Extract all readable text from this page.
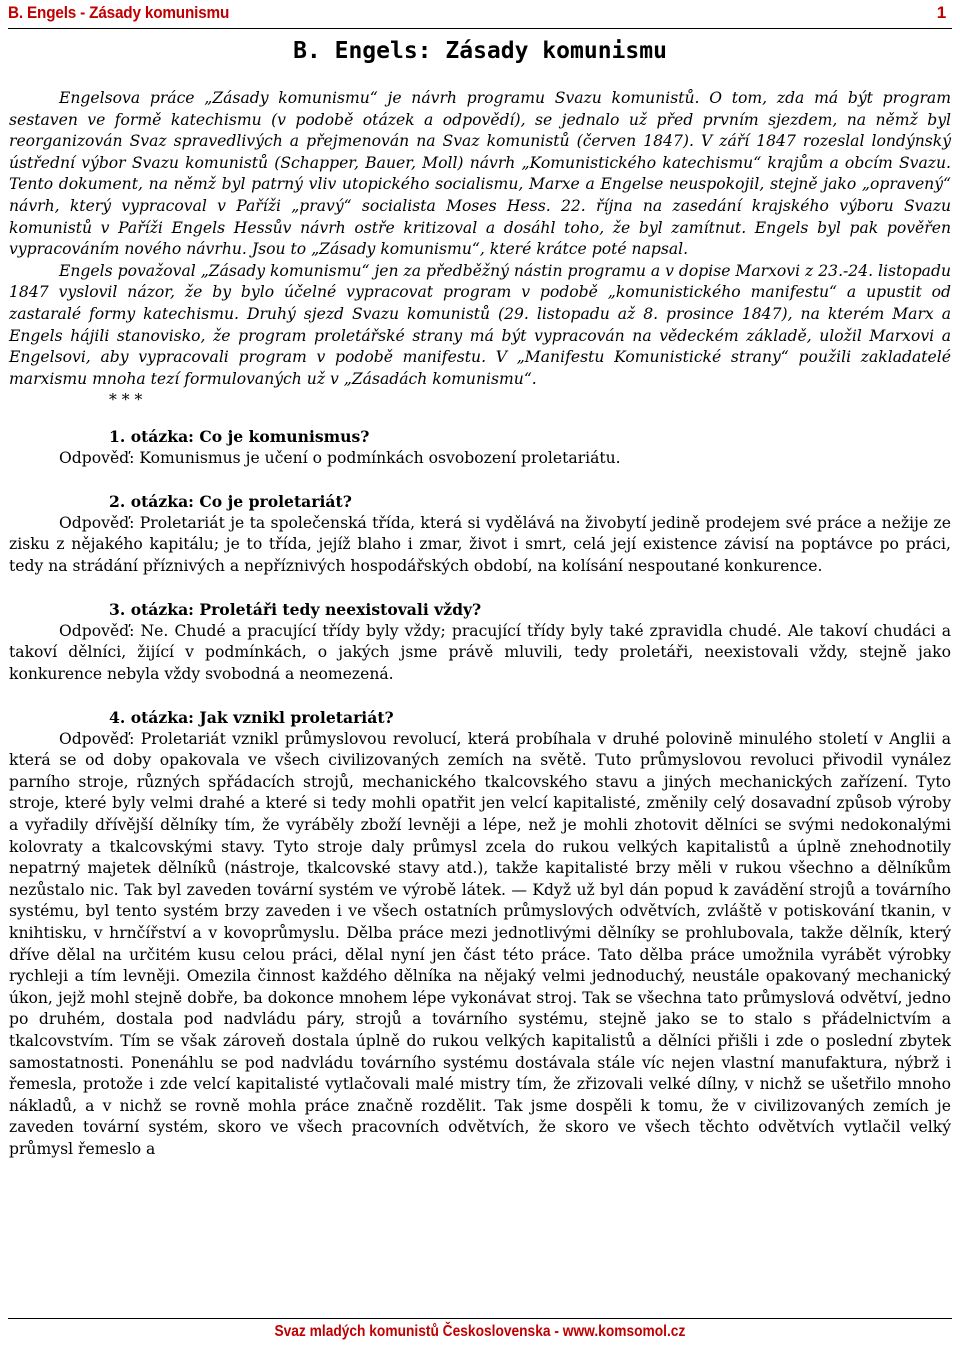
B. Engels - Zásady komunismu	1
B. Engels: Zásady komunismu

Engelsova práce „Zásady komunismu“ je návrh programu Svazu komunistů. O tom, zda má být program sestaven ve formě katechismu (v podobě otázek a odpovědí), se jednalo už před prvním sjezdem, na němž byl reorganizován Svaz spravedlivých a přejmenován na Svaz komunistů (červen 1847). V září 1847 rozeslal londýnský ústřední výbor Svazu komunistů (Schapper, Bauer, Moll) návrh „Komunistického katechismu“ krajům a obcím Svazu. Tento dokument, na němž byl patrný vliv utopického socialismu, Marxe a Engelse neuspokojil, stejně jako „opravený“ návrh, který vypracoval v Paříži „pravý“ socialista Moses Hess. 22. října na zasedání krajského výboru Svazu komunistů v Paříži Engels Hessův návrh ostře kritizoval a dosáhl toho, že byl zamítnut. Engels byl pak pověřen vypracováním nového návrhu. Jsou to „Zásady komunismu“, které krátce poté napsal.

Engels považoval „Zásady komunismu“ jen za předběžný nástin programu a v dopise Marxovi z 23.-24. listopadu 1847 vyslovil názor, že by bylo účelné vypracovat program v podobě „komunistického manifestu“ a upustit od zastaralé formy katechismu. Druhý sjezd Svazu komunistů (29. listopadu až 8. prosince 1847), na kterém Marx a Engels hájili stanovisko, že program proletářské strany má být vypracován na vědeckém základě, uložil Marxovi a Engelsovi, aby vypracovali program v podobě manifestu. V „Manifestu Komunistické strany“ použili zakladatelé marxismu mnoha tezí formulovaných už v „Zásadách komunismu“.

* * *

1. otázka: Co je komunismus?

Odpověď: Komunismus je učení o podmínkách osvobození proletariátu.

2. otázka: Co je proletariát?

Odpověď: Proletariát je ta společenská třída, která si vydělává na živobytí jedině prodejem své práce a nežije ze zisku z nějakého kapitálu; je to třída, jejíž blaho i zmar, život i smrt, celá její existence závisí na poptávce po práci, tedy na strádání příznivých a nepříznivých hospodářských období, na kolísání nespoutané konkurence.

3. otázka: Proletáři tedy neexistovali vždy?

Odpověď: Ne. Chudé a pracující třídy byly vždy; pracující třídy byly také zpravidla chudé. Ale takoví chudáci a takoví dělníci, žijící v podmínkách, o jakých jsme právě mluvili, tedy proletáři, neexistovali vždy, stejně jako konkurence nebyla vždy svobodná a neomezená.

4. otázka: Jak vznikl proletariát?

Odpověď: Proletariát vznikl průmyslovou revolucí, která probíhala v druhé polovině minulého století v Anglii a která se od doby opakovala ve všech civilizovaných zemích na světě. Tuto průmyslovou revoluci přivodil vynález parního stroje, různých spřádacích strojů, mechanického tkalcovského stavu a jiných mechanických zařízení. Tyto stroje, které byly velmi drahé a které si tedy mohli opatřit jen velcí kapitalisté, změnily celý dosavadní způsob výroby a vyřadily dřívější dělníky tím, že vyráběly zboží levněji a lépe, než je mohli zhotovit dělníci se svými nedokonalými kolovraty a tkalcovskými stavy. Tyto stroje daly průmysl zcela do rukou velkých kapitalistů a úplně znehodnotily nepatrný majetek dělníků (nástroje, tkalcovské stavy atd.), takže kapitalisté brzy měli v rukou všechno a dělníkům nezůstalo nic. Tak byl zaveden tovární systém ve výrobě látek. — Když už byl dán popud k zavádění strojů a továrního systému, byl tento systém brzy zaveden i ve všech ostatních průmyslových odvětvích, zvláště v potiskování tkanin, v knihtisku, v hrnčířství a v kovoprůmyslu. Dělba práce mezi jednotlivými dělníky se prohlubovala, takže dělník, který dříve dělal na určitém kusu celou práci, dělal nyní jen část této práce. Tato dělba práce umožnila vyrábět výrobky rychleji a tím levněji. Omezila činnost každého dělníka na nějaký velmi jednoduchý, neustále opakovaný mechanický úkon, jejž mohl stejně dobře, ba dokonce mnohem lépe vykonávat stroj. Tak se všechna tato průmyslová odvětví, jedno po druhém, dostala pod nadvládu páry, strojů a továrního systému, stejně jako se to stalo s přádelnictvím a tkalcovstvím. Tím se však zároveň dostala úplně do rukou velkých kapitalistů a dělníci přišli i zde o poslední zbytek samostatnosti. Ponenáhlu se pod nadvládu továrního systému dostávala stále víc nejen vlastní manufaktura, nýbrž i řemesla, protože i zde velcí kapitalisté vytlačovali malé mistry tím, že zřizovali velké dílny, v nichž se ušetřilo mnoho nákladů, a v nichž se rovně mohla práce značně rozdělit. Tak jsme dospěli k tomu, že v civilizovaných zemích je zaveden tovární systém, skoro ve všech pracovních odvětvích, že skoro ve všech těchto odvětvích vytlačil velký průmysl řemeslo a

Svaz mladých komunistů Československa - www.komsomol.cz
